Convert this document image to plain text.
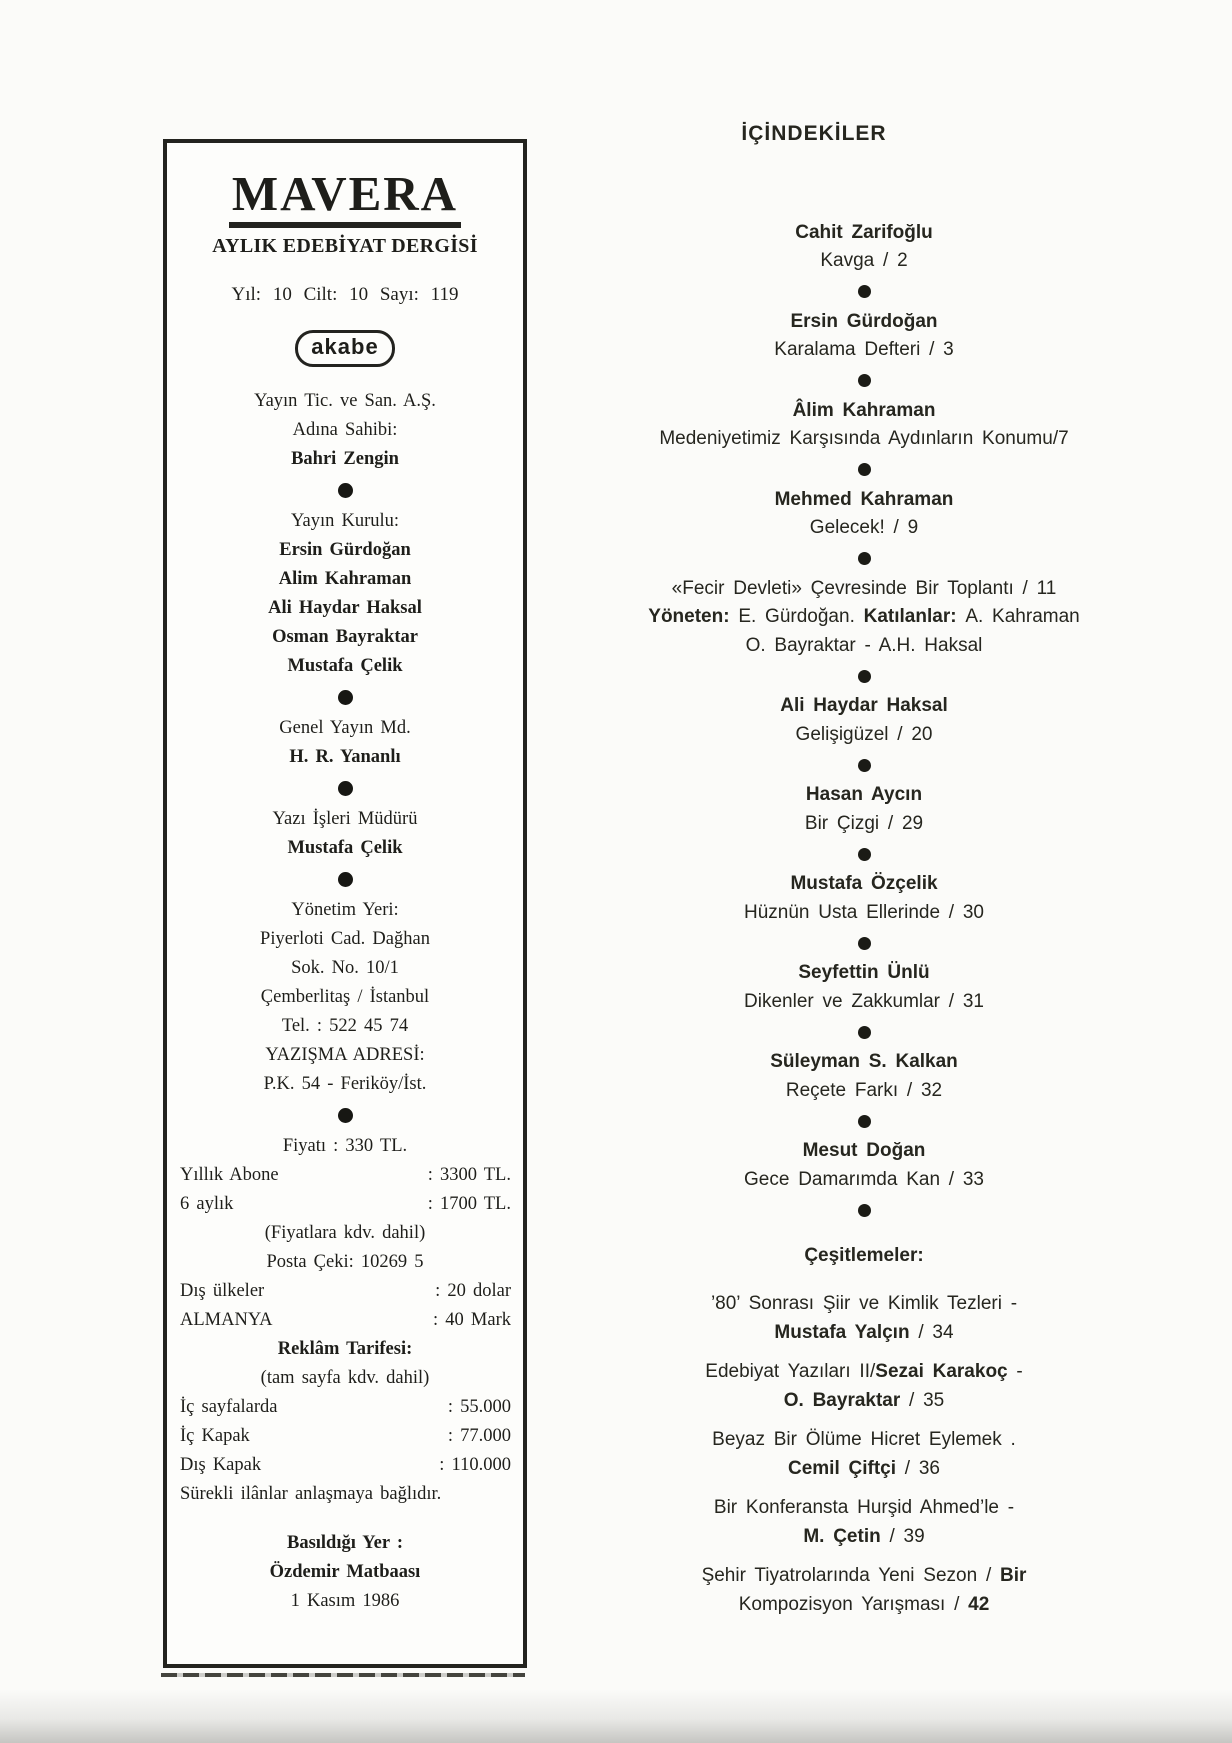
MAVERA
AYLIK EDEBİYAT DERGİSİ
Yıl: 10 Cilt: 10 Sayı: 119
akabe
Yayın Tic. ve San. A.Ş.
Adına Sahibi:
Bahri Zengin
Yayın Kurulu:
Ersin Gürdoğan
Alim Kahraman
Ali Haydar Haksal
Osman Bayraktar
Mustafa Çelik
Genel Yayın Md.
H. R. Yananlı
Yazı İşleri Müdürü
Mustafa Çelik
Yönetim Yeri:
Piyerloti Cad. Dağhan
Sok. No. 10/1
Çemberlitaş / İstanbul
Tel. : 522 45 74
YAZIŞMA ADRESİ:
P.K. 54 - Feriköy/İst.
Fiyatı : 330 TL.
Yıllık Abone	: 3300 TL.
6 aylık	: 1700 TL.
(Fiyatlara kdv. dahil)
Posta Çeki: 10269 5
Dış ülkeler	: 20 dolar
ALMANYA	: 40 Mark
Reklâm Tarifesi:
(tam sayfa kdv. dahil)
İç sayfalarda	: 55.000
İç Kapak	: 77.000
Dış Kapak	: 110.000
Sürekli ilânlar anlaşmaya bağlıdır.
Basıldığı Yer :
Özdemir Matbaası
1 Kasım 1986
İÇİNDEKİLER
Cahit Zarifoğlu
Kavga / 2
Ersin Gürdoğan
Karalama Defteri / 3
Âlim Kahraman
Medeniyetimiz Karşısında Aydınların Konumu/7
Mehmed Kahraman
Gelecek! / 9
«Fecir Devleti» Çevresinde Bir Toplantı / 11
Yöneten: E. Gürdoğan. Katılanlar: A. Kahraman
O. Bayraktar - A.H. Haksal
Ali Haydar Haksal
Gelişigüzel / 20
Hasan Aycın
Bir Çizgi / 29
Mustafa Özçelik
Hüznün Usta Ellerinde / 30
Seyfettin Ünlü
Dikenler ve Zakkumlar / 31
Süleyman S. Kalkan
Reçete Farkı / 32
Mesut Doğan
Gece Damarımda Kan / 33
Çeşitlemeler:
’80’ Sonrası Şiir ve Kimlik Tezleri -
Mustafa Yalçın / 34
Edebiyat Yazıları II/Sezai Karakoç -
O. Bayraktar / 35
Beyaz Bir Ölüme Hicret Eylemek .
Cemil Çiftçi / 36
Bir Konferansta Hurşid Ahmed’le -
M. Çetin / 39
Şehir Tiyatrolarında Yeni Sezon / Bir
Kompozisyon Yarışması / 42
